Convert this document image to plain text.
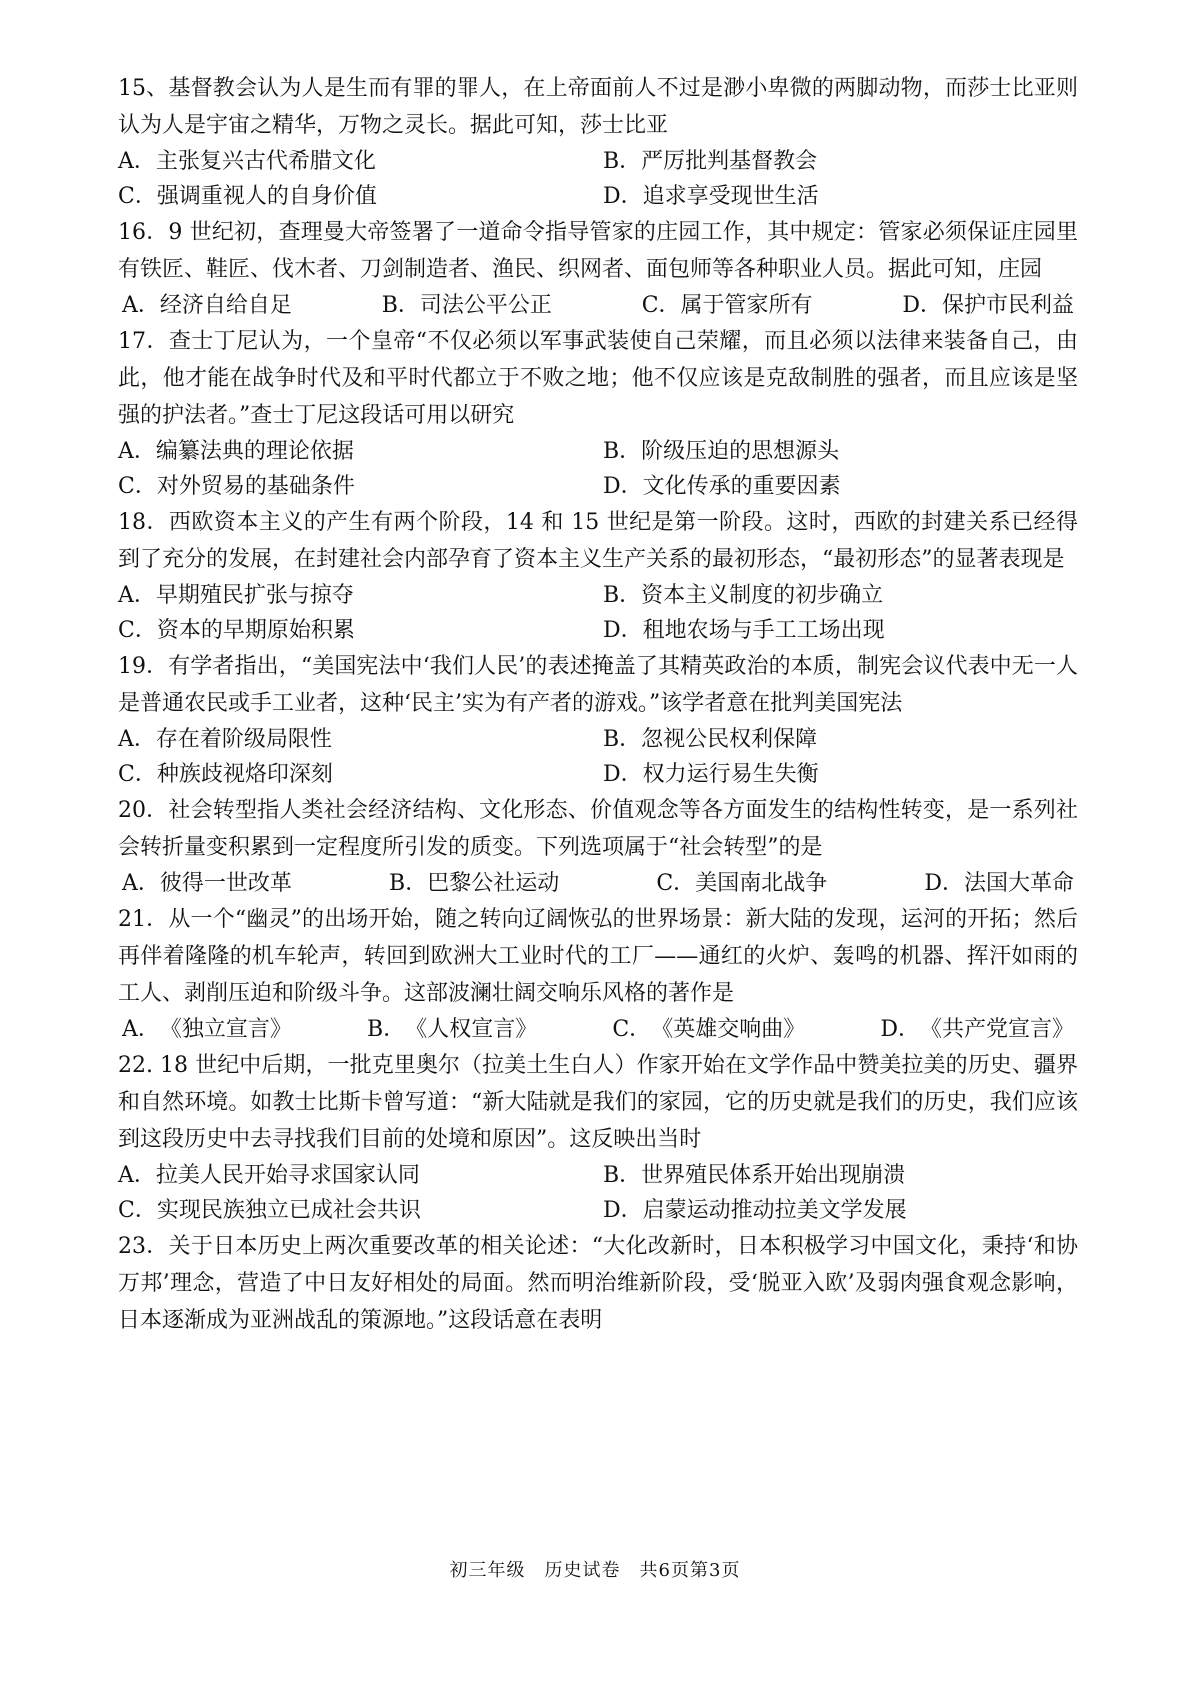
15、基督教会认为人是生而有罪的罪人，在上帝面前人不过是渺小卑微的两脚动物，而莎士比亚则认为人是宇宙之精华，万物之灵长。据此可知，莎士比亚

A． 主张复兴古代希腊文化	B． 严厉批判基督教会
C． 强调重视人的自身价值	D． 追求享受现世生活

16．9 世纪初，查理曼大帝签署了一道命令指导管家的庄园工作，其中规定：管家必须保证庄园里有铁匠、鞋匠、伐木者、刀剑制造者、渔民、织网者、面包师等各种职业人员。据此可知，庄园

A． 经济自给自足	B． 司法公平公正	C． 属于管家所有	D． 保护市民利益

17．查士丁尼认为，一个皇帝“不仅必须以军事武装使自己荣耀，而且必须以法律来装备自己，由此，他才能在战争时代及和平时代都立于不败之地；他不仅应该是克敌制胜的强者，而且应该是坚强的护法者。”查士丁尼这段话可用以研究

A． 编纂法典的理论依据	B． 阶级压迫的思想源头
C． 对外贸易的基础条件	D． 文化传承的重要因素

18．西欧资本主义的产生有两个阶段，14 和 15 世纪是第一阶段。这时，西欧的封建关系已经得到了充分的发展，在封建社会内部孕育了资本主义生产关系的最初形态，“最初形态”的显著表现是

A． 早期殖民扩张与掠夺	B． 资本主义制度的初步确立
C． 资本的早期原始积累	D． 租地农场与手工工场出现

19．有学者指出，“美国宪法中‘我们人民’的表述掩盖了其精英政治的本质，制宪会议代表中无一人是普通农民或手工业者，这种‘民主’实为有产者的游戏。”该学者意在批判美国宪法

A． 存在着阶级局限性	B． 忽视公民权利保障
C． 种族歧视烙印深刻	D． 权力运行易生失衡

20．社会转型指人类社会经济结构、文化形态、价值观念等各方面发生的结构性转变，是一系列社会转折量变积累到一定程度所引发的质变。下列选项属于“社会转型”的是

A． 彼得一世改革	B． 巴黎公社运动	C． 美国南北战争	D． 法国大革命

21．从一个“幽灵”的出场开始，随之转向辽阔恢弘的世界场景：新大陆的发现，运河的开拓；然后再伴着隆隆的机车轮声，转回到欧洲大工业时代的工厂——通红的火炉、轰鸣的机器、挥汗如雨的工人、剥削压迫和阶级斗争。这部波澜壮阔交响乐风格的著作是

A． 《独立宣言》	B． 《人权宣言》	C． 《英雄交响曲》	D． 《共产党宣言》

22. 18 世纪中后期，一批克里奥尔（拉美土生白人）作家开始在文学作品中赞美拉美的历史、疆界和自然环境。如教士比斯卡曾写道：“新大陆就是我们的家园，它的历史就是我们的历史，我们应该到这段历史中去寻找我们目前的处境和原因”。这反映出当时

A． 拉美人民开始寻求国家认同	B． 世界殖民体系开始出现崩溃
C． 实现民族独立已成社会共识	D． 启蒙运动推动拉美文学发展

23．关于日本历史上两次重要改革的相关论述：“大化改新时，日本积极学习中国文化，秉持‘和协万邦’理念，营造了中日友好相处的局面。然而明治维新阶段，受‘脱亚入欧’及弱肉强食观念影响，日本逐渐成为亚洲战乱的策源地。”这段话意在表明

初三年级　历史试卷　共6页第3页
